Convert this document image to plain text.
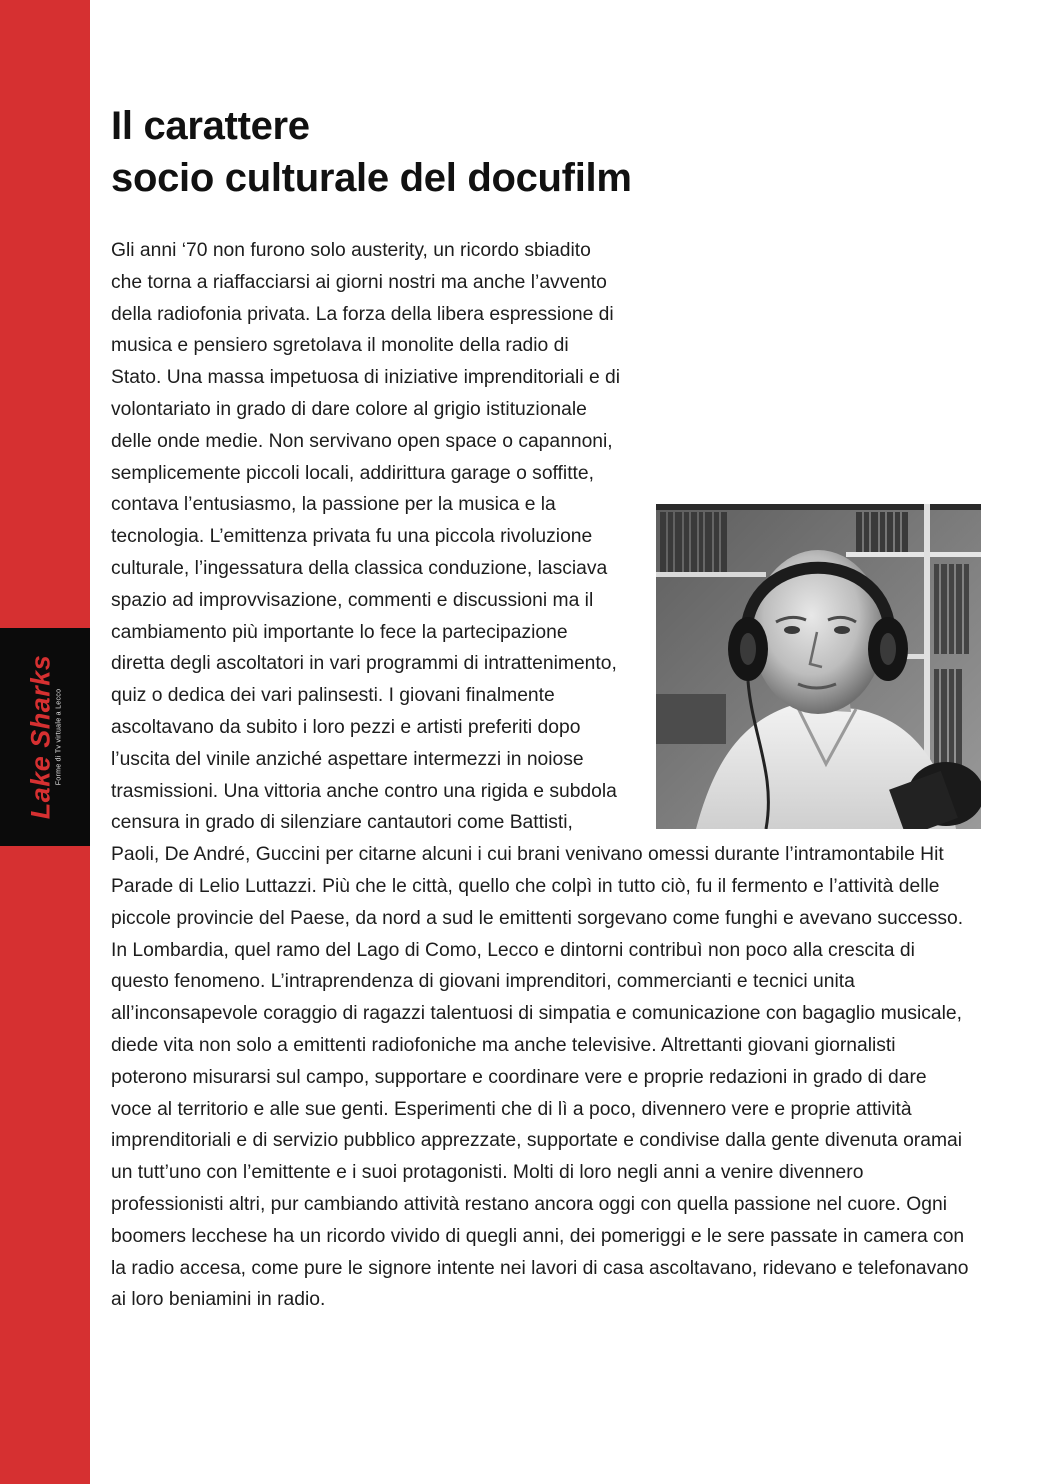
Lake Sharks Forme di Tv virtuale a Lecco
Il carattere
socio culturale del docufilm

Gli anni ‘70 non furono solo austerity, un ricordo sbiadito che torna a riaffacciarsi ai giorni nostri ma anche l’avvento della radiofonia privata. La forza della libera espressione di musica e pensiero sgretolava il monolite della radio di Stato. Una massa impetuosa di iniziative imprenditoriali e di volontariato in grado di dare colore al grigio istituzionale delle onde medie. Non servivano open space o capannoni, semplicemente piccoli locali, addirittura garage o soffitte, contava l’entusiasmo, la passione per la musica e la tecnologia. L’emittenza privata fu una piccola rivoluzione culturale, l’ingessatura della classica conduzione, lasciava spazio ad improvvisazione, commenti e discussioni ma il cambiamento più importante lo fece la partecipazione diretta degli ascoltatori in vari programmi di intrattenimento, quiz o dedica dei vari palinsesti. I giovani finalmente ascoltavano da subito i loro pezzi e artisti preferiti dopo l’uscita del vinile anziché aspettare intermezzi in noiose trasmissioni. Una vittoria anche contro una rigida e subdola censura in grado di silenziare cantautori come Battisti, Paoli, De André, Guccini per citarne alcuni i cui brani venivano omessi durante l’intramontabile Hit Parade di Lelio Luttazzi. Più che le città, quello che colpì in tutto ciò, fu il fermento e l’attività delle piccole provincie del Paese, da nord a sud le emittenti sorgevano come funghi e avevano successo. In Lombardia, quel ramo del Lago di Como, Lecco e dintorni contribuì non poco alla crescita di questo fenomeno. L’intraprendenza di giovani imprenditori, commercianti e tecnici unita all’inconsapevole coraggio di ragazzi talentuosi di simpatia e comunicazione con bagaglio musicale, diede vita non solo a emittenti radiofoniche ma anche televisive. Altrettanti giovani giornalisti poterono misurarsi sul campo, supportare e coordinare vere e proprie redazioni in grado di dare voce al territorio e alle sue genti. Esperimenti che di lì a poco, divennero vere e proprie attività imprenditoriali e di servizio pubblico apprezzate, supportate e condivise dalla gente divenuta oramai un tutt’uno con l’emittente e i suoi protagonisti. Molti di loro negli anni a venire divennero professionisti altri, pur cambiando attività restano ancora oggi con quella passione nel cuore. Ogni boomers lecchese ha un ricordo vivido di quegli anni, dei pomeriggi e le sere passate in camera con la radio accesa, come pure le signore intente nei lavori di casa ascoltavano, ridevano e telefonavano ai loro beniamini in radio.
